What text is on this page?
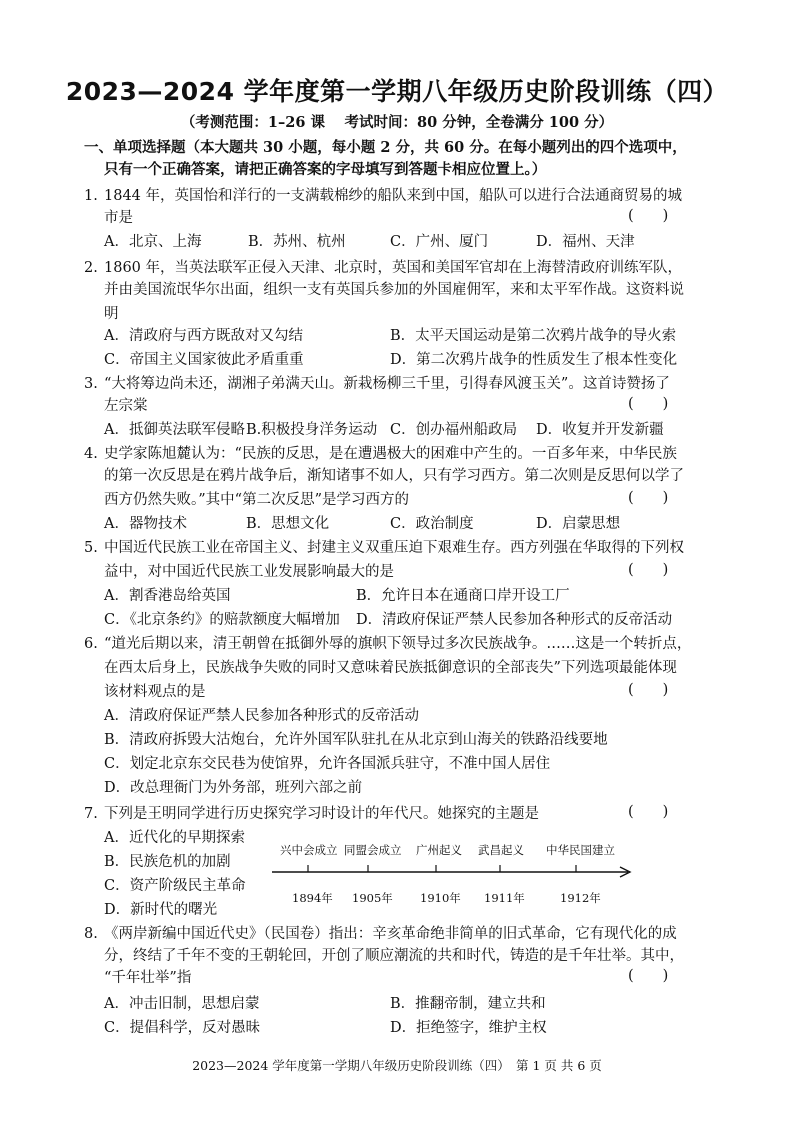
2023—2024 学年度第一学期八年级历史阶段训练（四）
（考测范围：1–26 课　 考试时间：80 分钟，全卷满分 100 分）
一、单项选择题（本大题共 30 小题，每小题 2 分，共 60 分。在每小题列出的四个选项中，
只有一个正确答案，请把正确答案的字母填写到答题卡相应位置上。）
1. 1844 年，英国怡和洋行的一支满载棉纱的船队来到中国，船队可以进行合法通商贸易的城
市是	(　　)
A．北京、上海	B．苏州、杭州	C．广州、厦门	D．福州、天津
2. 1860 年，当英法联军正侵入天津、北京时，英国和美国军官却在上海替清政府训练军队，
并由美国流氓华尔出面，组织一支有英国兵参加的外国雇佣军，来和太平军作战。这资料说
明
A．清政府与西方既敌对又勾结	B．太平天国运动是第二次鸦片战争的导火索
C．帝国主义国家彼此矛盾重重	D．第二次鸦片战争的性质发生了根本性变化
3. “大将筹边尚未还，湖湘子弟满天山。新栽杨柳三千里，引得春风渡玉关”。这首诗赞扬了
左宗棠	(　　)
A．抵御英法联军侵略 B.积极投身洋务运动 C．创办福州船政局 D．收复并开发新疆
4. 史学家陈旭麓认为：“民族的反思，是在遭遇极大的困难中产生的。一百多年来，中华民族
的第一次反思是在鸦片战争后，渐知诸事不如人，只有学习西方。第二次则是反思何以学了
西方仍然失败。”其中“第二次反思”是学习西方的	(　　)
A．器物技术	B．思想文化	C．政治制度	D．启蒙思想
5. 中国近代民族工业在帝国主义、封建主义双重压迫下艰难生存。西方列强在华取得的下列权
益中，对中国近代民族工业发展影响最大的是	(　　)
A．割香港岛给英国	B．允许日本在通商口岸开设工厂
C．《北京条约》的赔款额度大幅增加 D．清政府保证严禁人民参加各种形式的反帝活动
6. “道光后期以来，清王朝曾在抵御外辱的旗帜下领导过多次民族战争。……这是一个转折点，
在西太后身上，民族战争失败的同时又意味着民族抵御意识的全部丧失”下列选项最能体现
该材料观点的是	(　　)
A．清政府保证严禁人民参加各种形式的反帝活动
B．清政府拆毁大沽炮台，允许外国军队驻扎在从北京到山海关的铁路沿线要地
C．划定北京东交民巷为使馆界，允许各国派兵驻守，不准中国人居住
D．改总理衙门为外务部，班列六部之前
7. 下列是王明同学进行历史探究学习时设计的年代尺。她探究的主题是	(　　)
A．近代化的早期探索
B．民族危机的加剧
C．资产阶级民主革命
D．新时代的曙光
兴中会成立 同盟会成立 广州起义 武昌起义 中华民国建立
1894年 1905年 1910年 1911年	1912年
8. 《两岸新编中国近代史》（民国卷）指出：辛亥革命绝非简单的旧式革命，它有现代化的成
分，终结了千年不变的王朝轮回，开创了顺应潮流的共和时代，铸造的是千年壮举。其中，
“千年壮举”指	(　　)
A．冲击旧制，思想启蒙	B．推翻帝制，建立共和
C．提倡科学，反对愚昧	D．拒绝签字，维护主权
2023—2024 学年度第一学期八年级历史阶段训练（四）　第 1 页 共 6 页
